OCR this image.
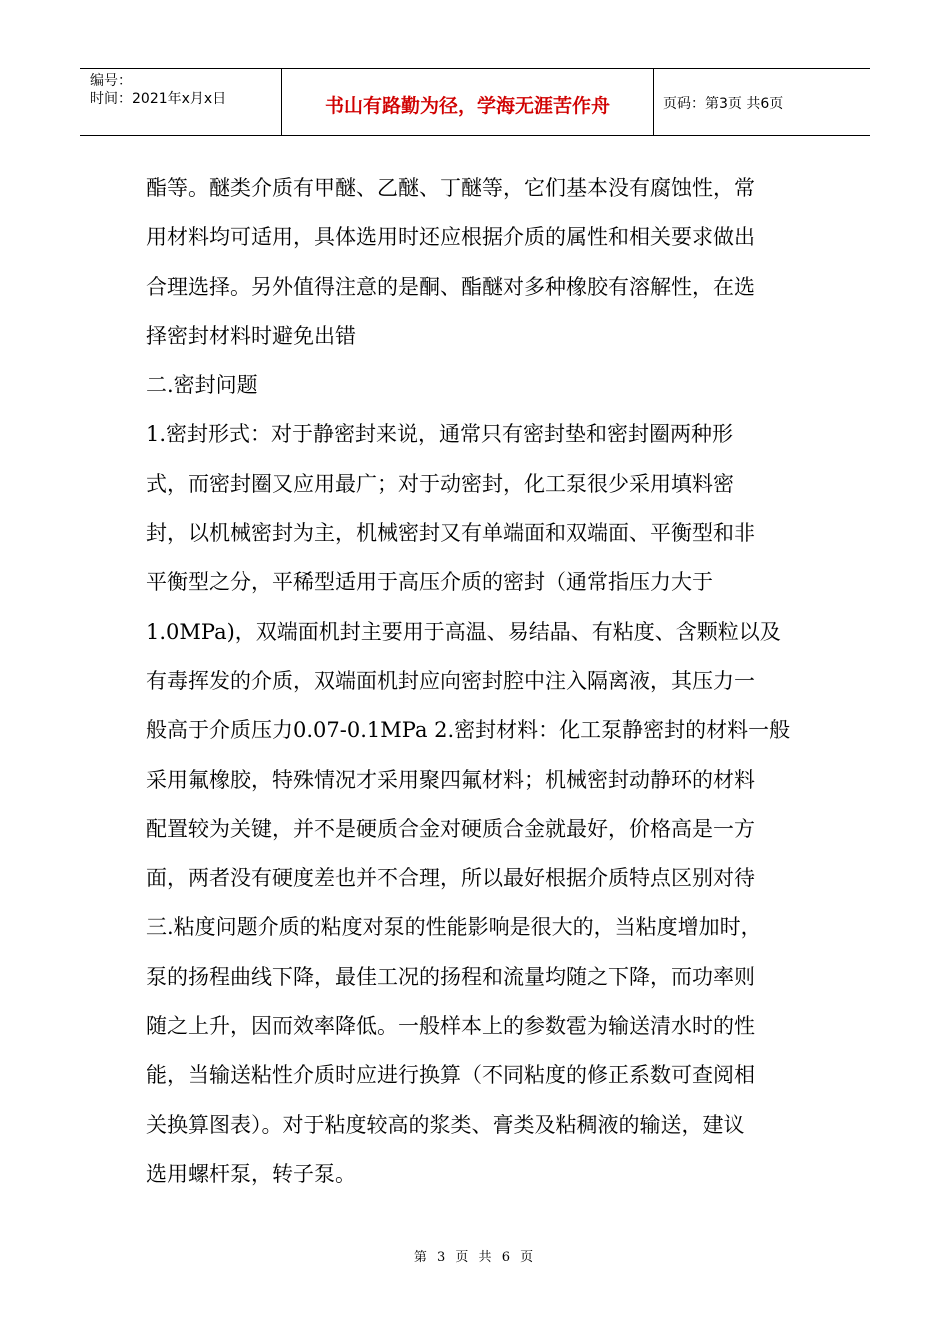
编号：
时间：2021年x月x日	书山有路勤为径，学海无涯苦作舟	页码：第3页 共6页
酯等。醚类介质有甲醚、乙醚、丁醚等，它们基本没有腐蚀性，常
用材料均可适用，具体选用时还应根据介质的属性和相关要求做出
合理选择。另外值得注意的是酮、酯醚对多种橡胶有溶解性，在选
择密封材料时避免出错
二.密封问题
1.密封形式：对于静密封来说，通常只有密封垫和密封圈两种形
式，而密封圈又应用最广；对于动密封，化工泵很少采用填料密
封，以机械密封为主，机械密封又有单端面和双端面、平衡型和非
平衡型之分，平稀型适用于高压介质的密封（通常指压力大于
1.0MPa)，双端面机封主要用于高温、易结晶、有粘度、含颗粒以及
有毒挥发的介质，双端面机封应向密封腔中注入隔离液，其压力一
般高于介质压力0.07-0.1MPa 2.密封材料：化工泵静密封的材料一般
采用氟橡胶，特殊情况才采用聚四氟材料；机械密封动静环的材料
配置较为关键，并不是硬质合金对硬质合金就最好，价格高是一方
面，两者没有硬度差也并不合理，所以最好根据介质特点区别对待
三.粘度问题介质的粘度对泵的性能影响是很大的，当粘度增加时，
泵的扬程曲线下降，最佳工况的扬程和流量均随之下降，而功率则
随之上升，因而效率降低。一般样本上的参数雹为输送清水时的性
能，当输送粘性介质时应进行换算（不同粘度的修正系数可查阅相
关换算图表）。对于粘度较高的浆类、膏类及粘稠液的输送，建议
选用螺杆泵，转子泵。
第 3 页 共 6 页
